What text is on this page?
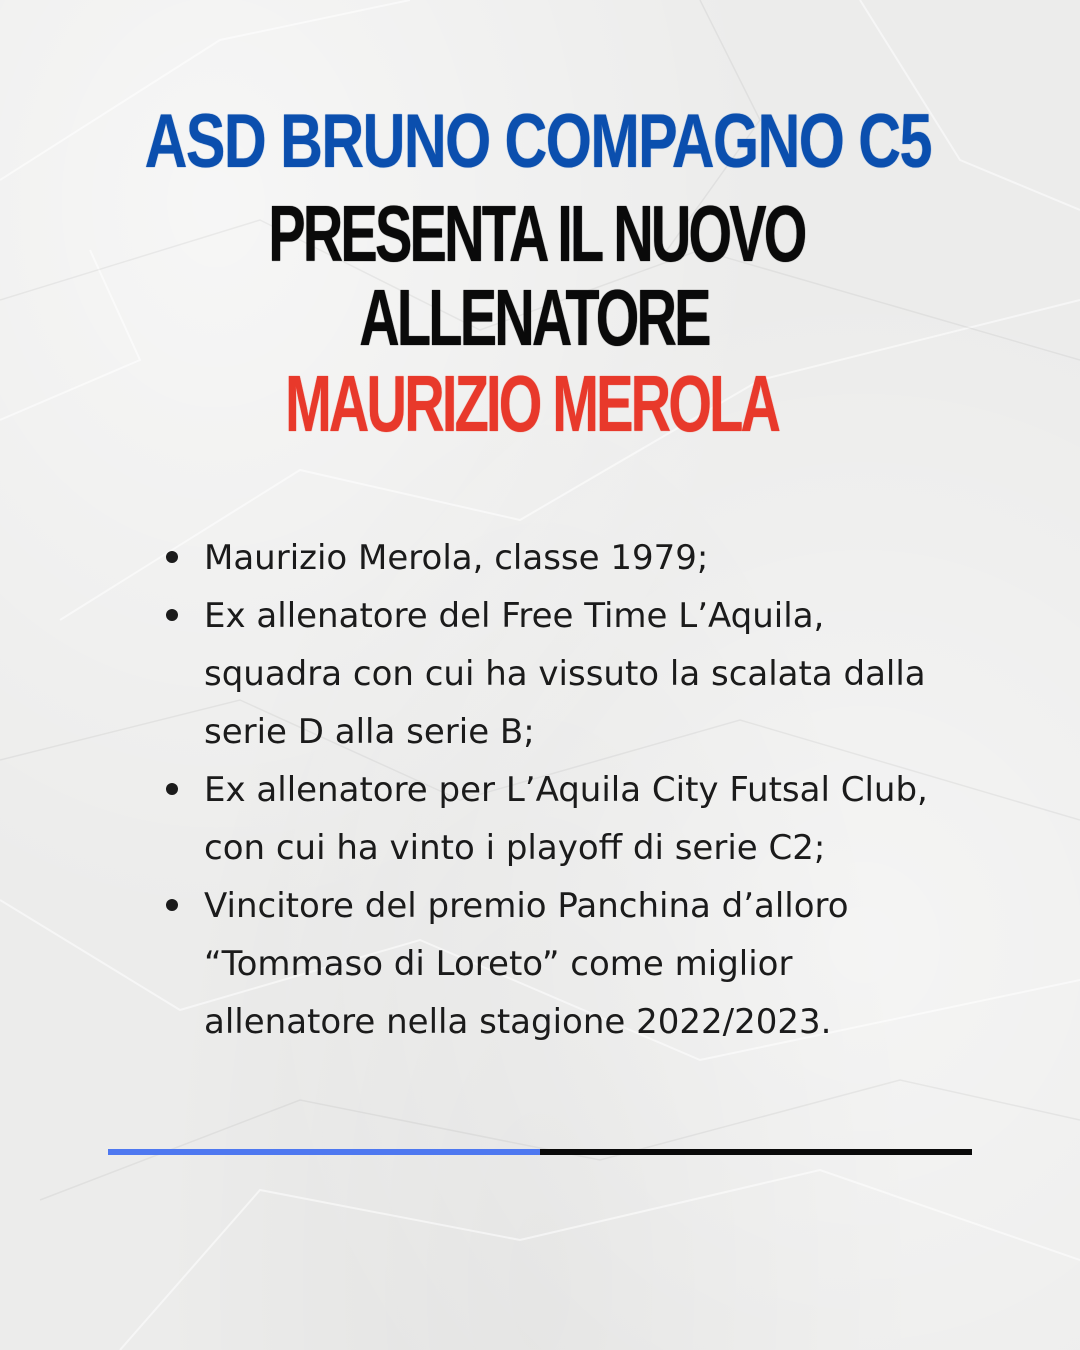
ASD BRUNO COMPAGNO C5
PRESENTA IL NUOVO
ALLENATORE
MAURIZIO MEROLA
Maurizio Merola, classe 1979;
Ex allenatore del Free Time L’Aquila, squadra con cui ha vissuto la scalata dalla serie D alla serie B;
Ex allenatore per L’Aquila City Futsal Club, con cui ha vinto i playoff di serie C2;
Vincitore del premio Panchina d’alloro “Tommaso di Loreto” come miglior allenatore nella stagione 2022/2023.
